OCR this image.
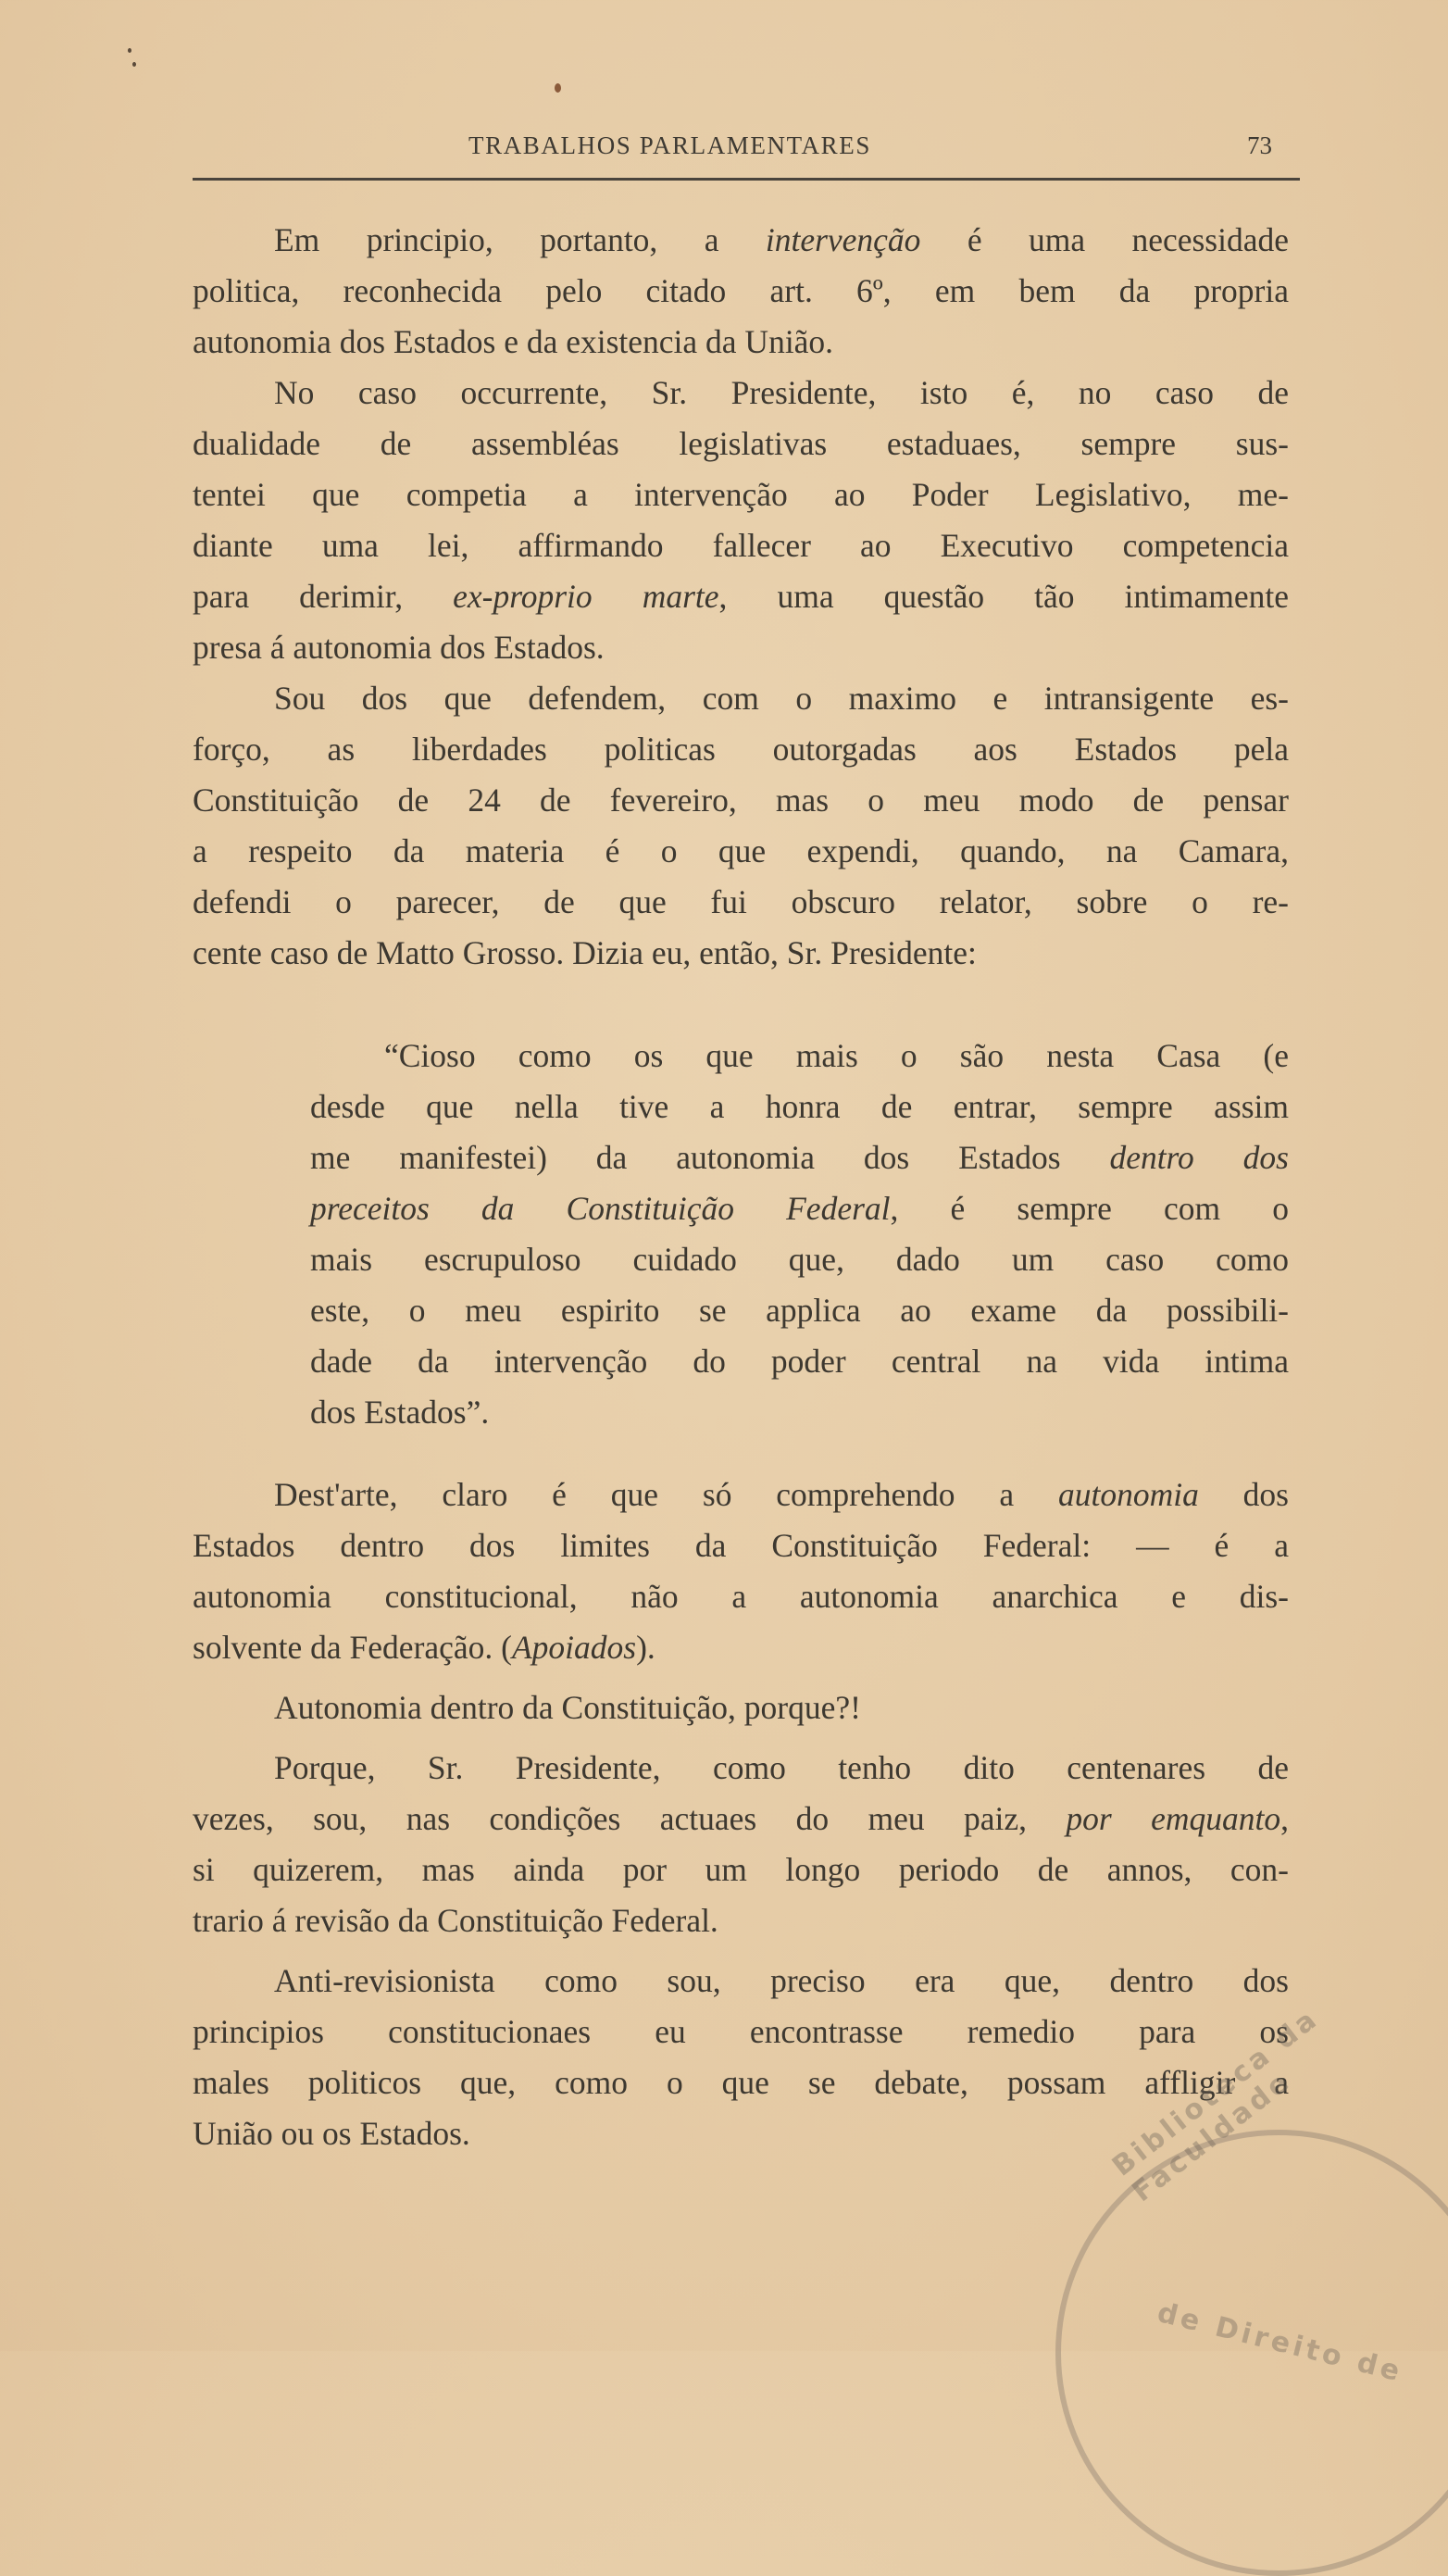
TRABALHOS PARLAMENTARES	73
Em principio, portanto, a intervenção é uma necessidade
politica, reconhecida pelo citado art. 6º, em bem da propria
autonomia dos Estados e da existencia da União.
No caso occurrente, Sr. Presidente, isto é, no caso de
dualidade de assembléas legislativas estaduaes, sempre sus-
tentei que competia a intervenção ao Poder Legislativo, me-
diante uma lei, affirmando fallecer ao Executivo competencia
para derimir, ex-proprio marte, uma questão tão intimamente
presa á autonomia dos Estados.
Sou dos que defendem, com o maximo e intransigente es-
forço, as liberdades politicas outorgadas aos Estados pela
Constituição de 24 de fevereiro, mas o meu modo de pensar
a respeito da materia é o que expendi, quando, na Camara,
defendi o parecer, de que fui obscuro relator, sobre o re-
cente caso de Matto Grosso. Dizia eu, então, Sr. Presidente:
“Cioso como os que mais o são nesta Casa (e
desde que nella tive a honra de entrar, sempre assim
me manifestei) da autonomia dos Estados dentro dos
preceitos da Constituição Federal, é sempre com o
mais escrupuloso cuidado que, dado um caso como
este, o meu espirito se applica ao exame da possibili-
dade da intervenção do poder central na vida intima
dos Estados”.
Dest'arte, claro é que só comprehendo a autonomia dos
Estados dentro dos limites da Constituição Federal: — é a
autonomia constitucional, não a autonomia anarchica e dis-
solvente da Federação. (Apoiados).
Autonomia dentro da Constituição, porque?!
Porque, Sr. Presidente, como tenho dito centenares de
vezes, sou, nas condições actuaes do meu paiz, por emquanto,
si quizerem, mas ainda por um longo periodo de annos, con-
trario á revisão da Constituição Federal.
Anti-revisionista como sou, preciso era que, dentro dos
principios constitucionaes eu encontrasse remedio para os
males politicos que, como o que se debate, possam affligir a
União ou os Estados.	Biblioteca da Faculdade
de Direito de
